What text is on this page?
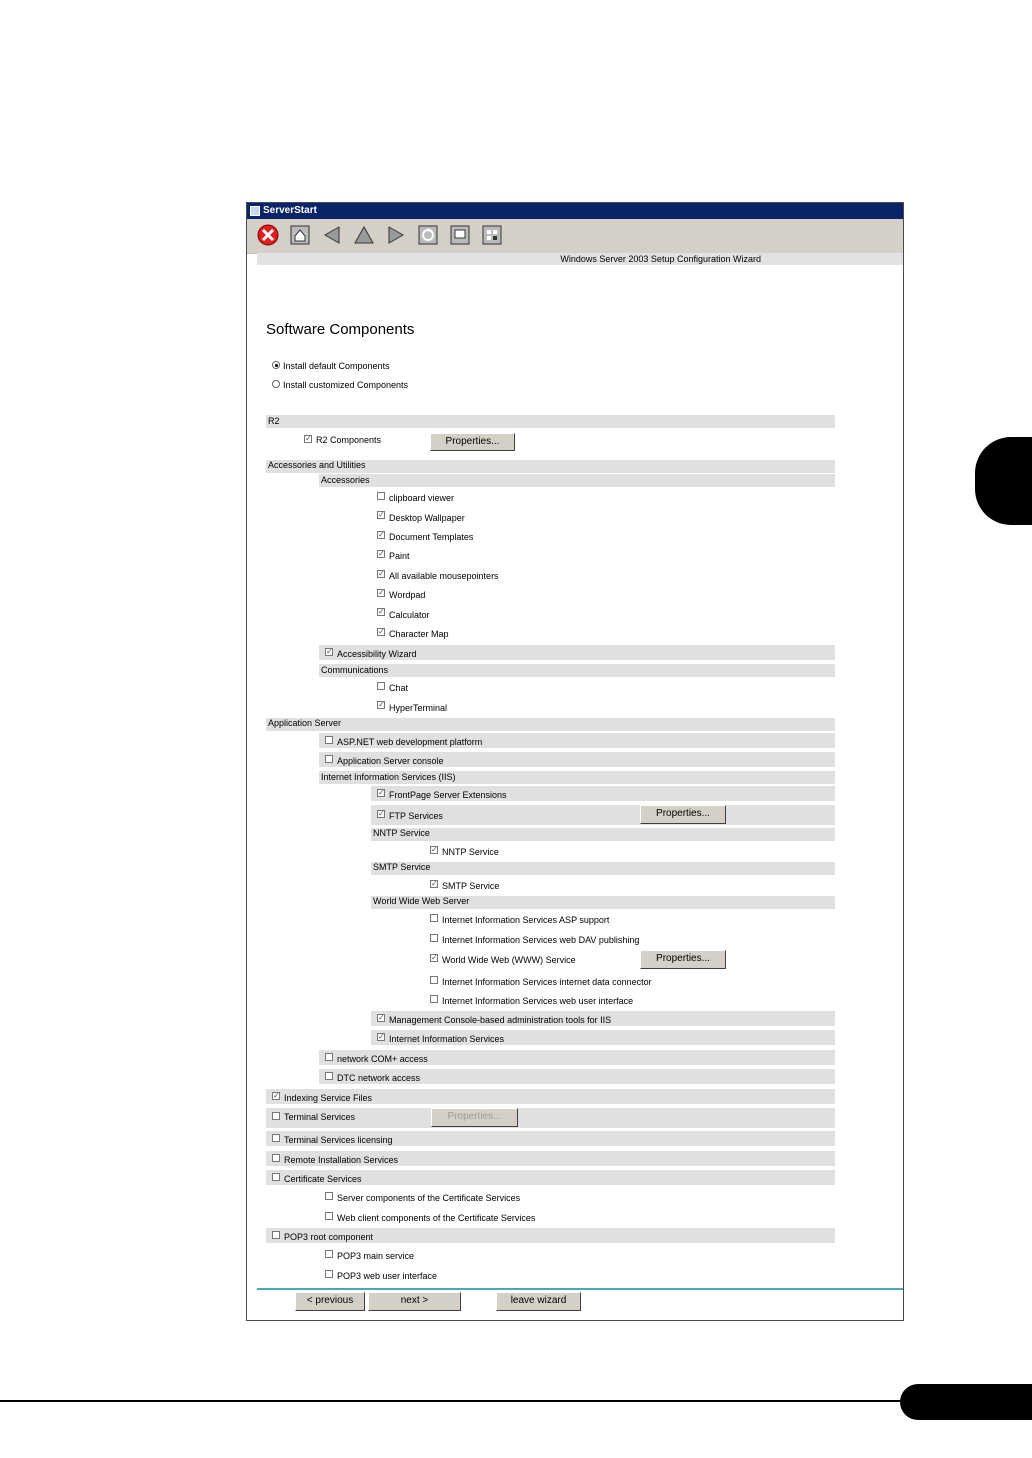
ServerStart
Windows Server 2003 Setup Configuration Wizard
Software Components
Install default Components
Install customized Components
R2
✓ R2 Components	Properties...
Accessories and Utilities
Accessories
clipboard viewer
✓ Desktop Wallpaper
✓ Document Templates
✓ Paint
✓ All available mousepointers
✓ Wordpad
✓ Calculator
✓ Character Map
✓ Accessibility Wizard
Communications
Chat
✓ HyperTerminal
Application Server
ASP.NET web development platform
Application Server console
Internet Information Services (IIS)
✓ FrontPage Server Extensions
✓ FTP Services	Properties...
NNTP Service
✓ NNTP Service
SMTP Service
✓ SMTP Service
World Wide Web Server
Internet Information Services ASP support
Internet Information Services web DAV publishing
✓ World Wide Web (WWW) Service	Properties...
Internet Information Services internet data connector
Internet Information Services web user interface
✓ Management Console-based administration tools for IIS
✓ Internet Information Services
network COM+ access
DTC network access
✓ Indexing Service Files
Terminal Services	Properties...
Terminal Services licensing
Remote Installation Services
Certificate Services
Server components of the Certificate Services
Web client components of the Certificate Services
POP3 root component
POP3 main service
POP3 web user interface
< previous	next >	leave wizard
